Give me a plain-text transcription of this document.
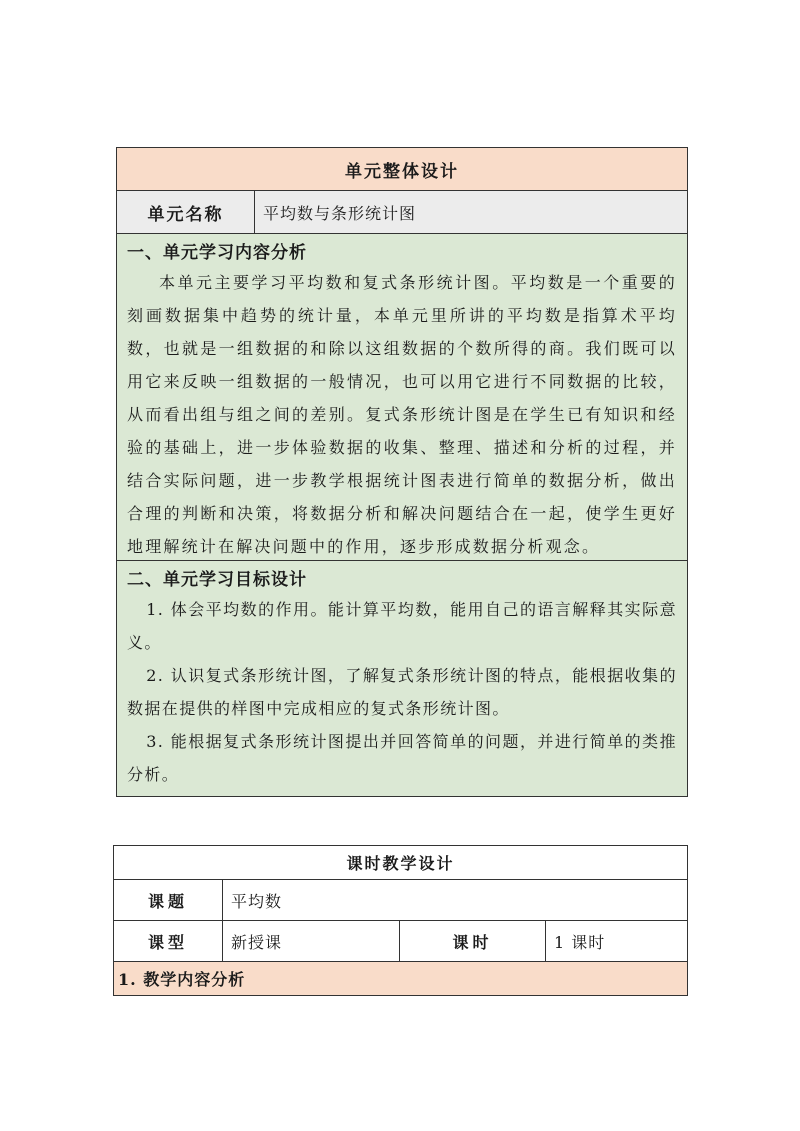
单元整体设计
单元名称	平均数与条形统计图
一、单元学习内容分析

本单元主要学习平均数和复式条形统计图。平均数是一个重要的刻画数据集中趋势的统计量，本单元里所讲的平均数是指算术平均数，也就是一组数据的和除以这组数据的个数所得的商。我们既可以用它来反映一组数据的一般情况，也可以用它进行不同数据的比较，从而看出组与组之间的差别。复式条形统计图是在学生已有知识和经验的基础上，进一步体验数据的收集、整理、描述和分析的过程，并结合实际问题，进一步教学根据统计图表进行简单的数据分析，做出合理的判断和决策，将数据分析和解决问题结合在一起，使学生更好地理解统计在解决问题中的作用，逐步形成数据分析观念。

二、单元学习目标设计

1. 体会平均数的作用。能计算平均数，能用自己的语言解释其实际意义。

2. 认识复式条形统计图，了解复式条形统计图的特点，能根据收集的数据在提供的样图中完成相应的复式条形统计图。

3. 能根据复式条形统计图提出并回答简单的问题，并进行简单的类推分析。

课时教学设计			
课题	平均数		
课型	新授课	课时	1 课时
1. 教学内容分析			
